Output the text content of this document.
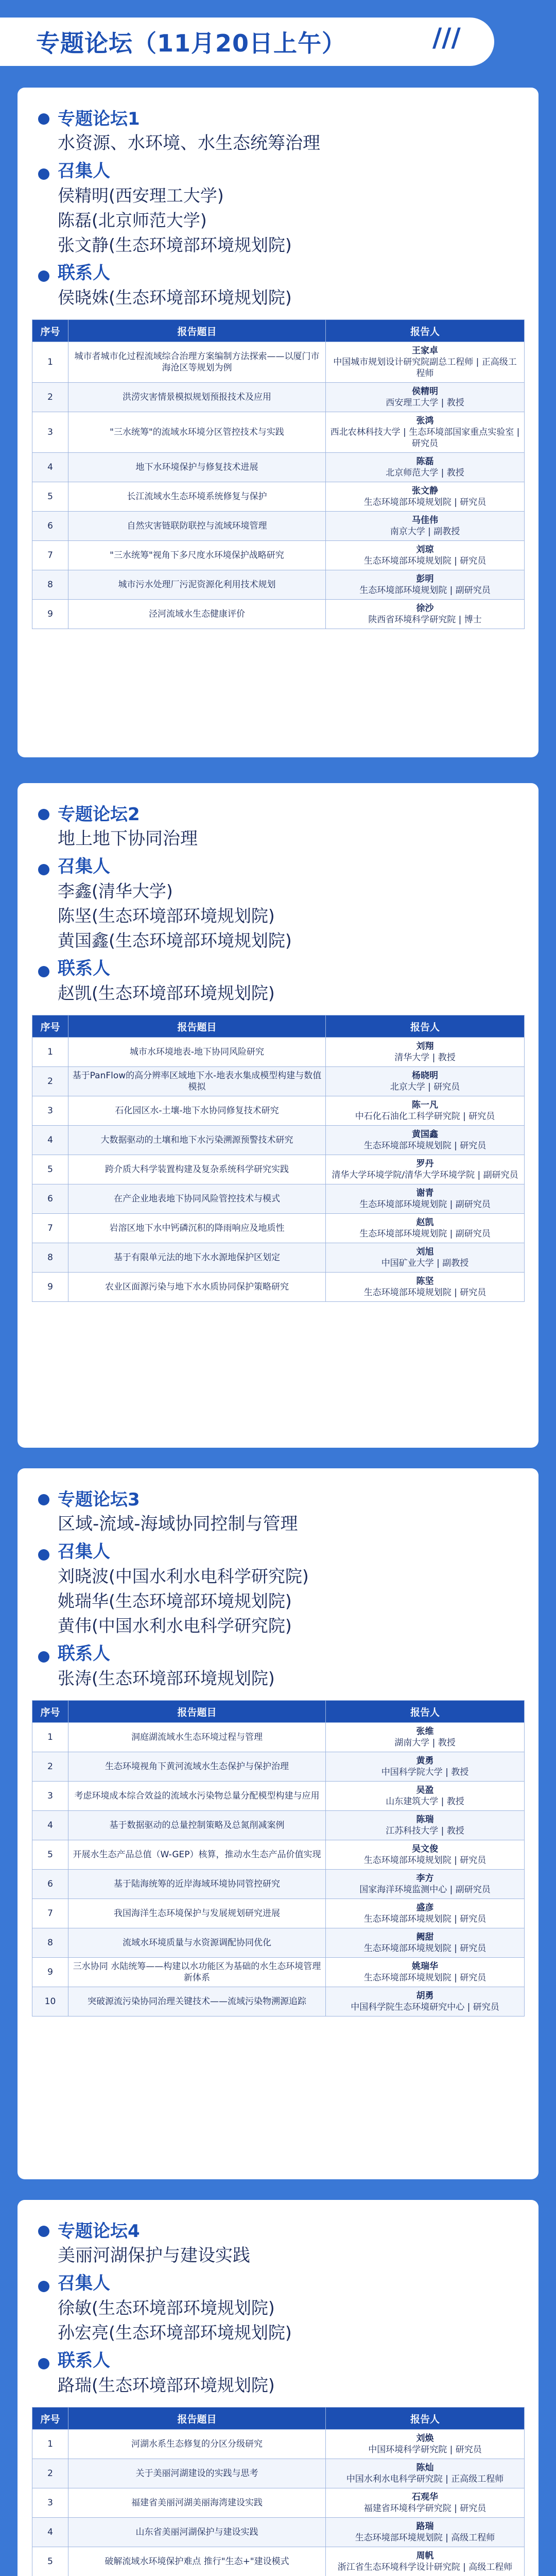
专题论坛（11月20日上午）	///
专题论坛1
水资源、水环境、水生态统筹治理
召集人
侯精明(西安理工大学)
陈磊(北京师范大学)
张文静(生态环境部环境规划院)
联系人
侯晓姝(生态环境部环境规划院)
序号	报告题目	报告人
1	城市者城市化过程流域综合治理方案编制方法探索——以厦门市海沧区等规划为例	王家卓
中国城市规划设计研究院副总工程师 | 正高级工程师
2	洪涝灾害情景模拟规划预报技术及应用	侯精明
西安理工大学 | 教授
3	"三水统筹"的流域水环境分区管控技术与实践	张鸿
西北农林科技大学 | 生态环境部国家重点实验室 | 研究员
4	地下水环境保护与修复技术进展	陈磊
北京师范大学 | 教授
5	长江流域水生态环境系统修复与保护	张文静
生态环境部环境规划院 | 研究员
6	自然灾害链联防联控与流域环境管理	马佳伟
南京大学 | 副教授
7	"三水统筹"视角下多尺度水环境保护战略研究	刘琼
生态环境部环境规划院 | 研究员
8	城市污水处理厂污泥资源化利用技术规划	彭明
生态环境部环境规划院 | 副研究员
9	泾河流域水生态健康评价	徐沙
陕西省环境科学研究院 | 博士
专题论坛2
地上地下协同治理
召集人
李鑫(清华大学)
陈坚(生态环境部环境规划院)
黄国鑫(生态环境部环境规划院)
联系人
赵凯(生态环境部环境规划院)
序号	报告题目	报告人
1	城市水环境地表-地下协同风险研究	刘翔
清华大学 | 教授
2	基于PanFlow的高分辨率区域地下水-地表水集成模型构建与数值模拟	杨晓明
北京大学 | 研究员
3	石化园区水-土壤-地下水协同修复技术研究	陈一凡
中石化石油化工科学研究院 | 研究员
4	大数据驱动的土壤和地下水污染溯源预警技术研究	黄国鑫
生态环境部环境规划院 | 研究员
5	跨介质大科学装置构建及复杂系统科学研究实践	罗丹
清华大学环境学院/清华大学环境学院 | 副研究员
6	在产企业地表地下协同风险管控技术与模式	谢青
生态环境部环境规划院 | 副研究员
7	岩溶区地下水中钙磷沉积的降雨响应及地质性	赵凯
生态环境部环境规划院 | 副研究员
8	基于有限单元法的地下水水源地保护区划定	刘旭
中国矿业大学 | 副教授
9	农业区面源污染与地下水水质协同保护策略研究	陈坚
生态环境部环境规划院 | 研究员
专题论坛3
区域-流域-海域协同控制与管理
召集人
刘晓波(中国水利水电科学研究院)
姚瑞华(生态环境部环境规划院)
黄伟(中国水利水电科学研究院)
联系人
张涛(生态环境部环境规划院)
序号	报告题目	报告人
1	洞庭湖流域水生态环境过程与管理	张维
湖南大学 | 教授
2	生态环境视角下黄河流域水生态保护与保护治理	黄勇
中国科学院大学 | 教授
3	考虑环境成本综合效益的流域水污染物总量分配模型构建与应用	吴盈
山东建筑大学 | 教授
4	基于数据驱动的总量控制策略及总氮削减案例	陈瑞
江苏科技大学 | 教授
5	开展水生态产品总值（W-GEP）核算，推动水生态产品价值实现	吴文俊
生态环境部环境规划院 | 研究员
6	基于陆海统筹的近岸海域环境协同管控研究	李方
国家海洋环境监测中心 | 副研究员
7	我国海洋生态环境保护与发展规划研究进展	盛彦
生态环境部环境规划院 | 研究员
8	流域水环境质量与水资源调配协同优化	阙甜
生态环境部环境规划院 | 研究员
9	三水协同 水陆统筹——构建以水功能区为基础的水生态环境管理新体系	姚瑞华
生态环境部环境规划院 | 研究员
10	突破源流污染协同治理关键技术——流域污染物溯源追踪	胡勇
中国科学院生态环境研究中心 | 研究员
专题论坛4
美丽河湖保护与建设实践
召集人
徐敏(生态环境部环境规划院)
孙宏亮(生态环境部环境规划院)
联系人
路瑞(生态环境部环境规划院)
序号	报告题目	报告人
1	河湖水系生态修复的分区分级研究	刘焕
中国环境科学研究院 | 研究员
2	关于美丽河湖建设的实践与思考	陈灿
中国水利水电科学研究院 | 正高级工程师
3	福建省美丽河湖美丽海湾建设实践	石观华
福建省环境科学研究院 | 研究员
4	山东省美丽河湖保护与建设实践	路瑞
生态环境部环境规划院 | 高级工程师
5	破解流域水环境保护难点 推行"生态+"建设模式	周帆
浙江省生态环境科学设计研究院 | 高级工程师
